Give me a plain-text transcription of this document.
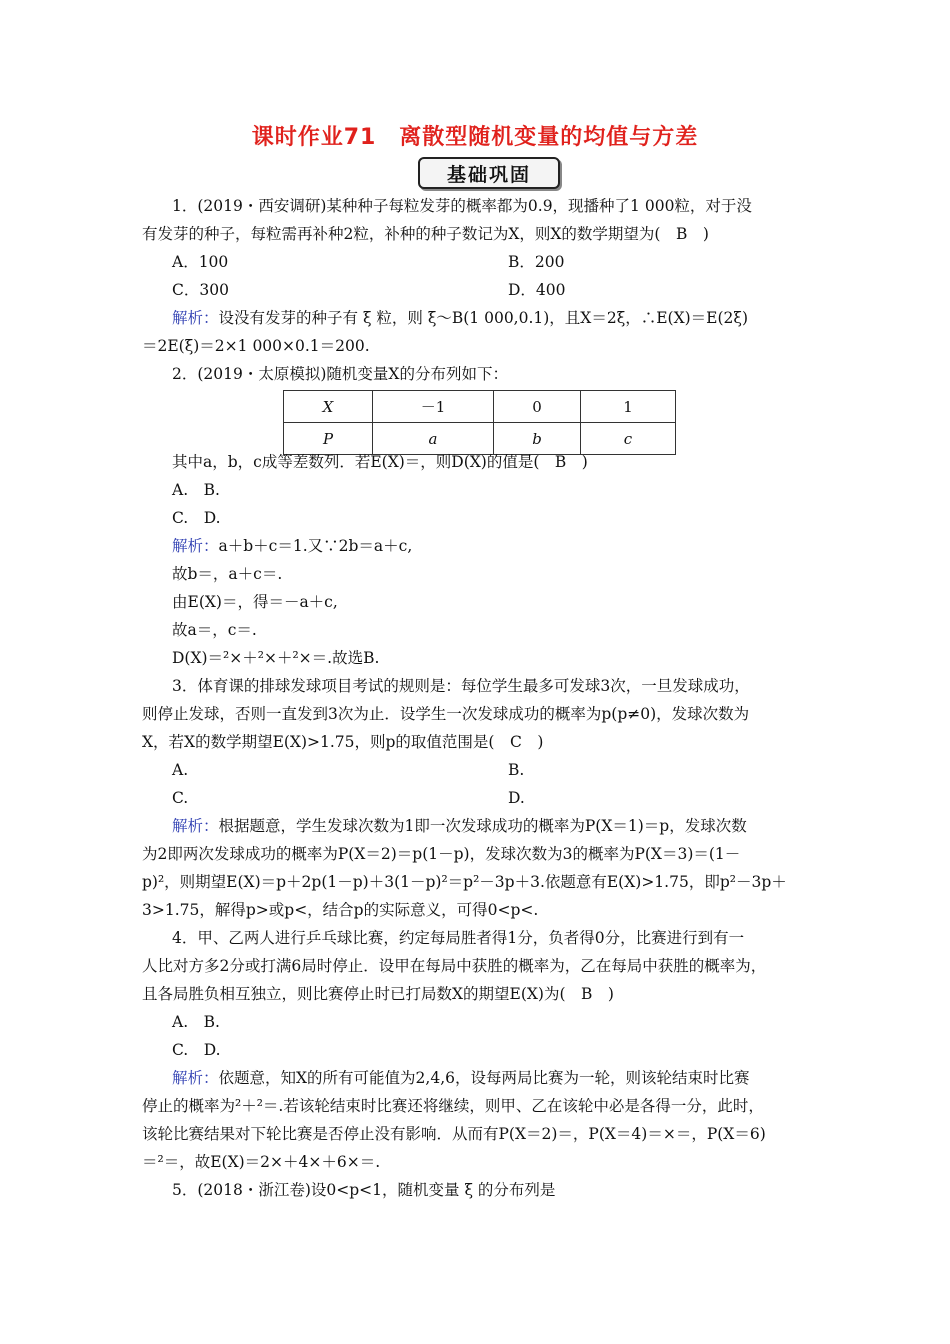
课时作业71　离散型随机变量的均值与方差
基础巩固
1．(2019・西安调研)某种种子每粒发芽的概率都为0.9，现播种了1 000粒，对于没
有发芽的种子，每粒需再补种2粒，补种的种子数记为X，则X的数学期望为(　B　)
A．100	B．200
C．300	D．400
解析：设没有发芽的种子有 ξ 粒，则 ξ～B(1 000,0.1)，且X＝2ξ，∴E(X)＝E(2ξ)
＝2E(ξ)＝2×1 000×0.1＝200.
2．(2019・太原模拟)随机变量X的分布列如下：
X	－1	0	1
P	a	b	c
其中a，b，c成等差数列．若E(X)＝，则D(X)的值是(　B　)
A.　B.
C.　D.
解析：a＋b＋c＝1.又∵2b＝a＋c,
故b＝，a＋c＝.
由E(X)＝，得＝－a＋c,
故a＝，c＝.
D(X)＝²×＋²×＋²×＝.故选B.
3．体育课的排球发球项目考试的规则是：每位学生最多可发球3次，一旦发球成功，
则停止发球，否则一直发到3次为止．设学生一次发球成功的概率为p(p≠0)，发球次数为
X，若X的数学期望E(X)>1.75，则p的取值范围是(　C　)
A.	B.
C.	D.
解析：根据题意，学生发球次数为1即一次发球成功的概率为P(X＝1)＝p，发球次数
为2即两次发球成功的概率为P(X＝2)＝p(1－p)，发球次数为3的概率为P(X＝3)＝(1－
p)²，则期望E(X)＝p＋2p(1－p)＋3(1－p)²＝p²－3p＋3.依题意有E(X)>1.75，即p²－3p＋
3>1.75，解得p>或p<，结合p的实际意义，可得0<p<.
4．甲、乙两人进行乒乓球比赛，约定每局胜者得1分，负者得0分，比赛进行到有一
人比对方多2分或打满6局时停止．设甲在每局中获胜的概率为，乙在每局中获胜的概率为，
且各局胜负相互独立，则比赛停止时已打局数X的期望E(X)为(　B　)
A.　B.
C.　D.
解析：依题意，知X的所有可能值为2,4,6，设每两局比赛为一轮，则该轮结束时比赛
停止的概率为²＋²＝.若该轮结束时比赛还将继续，则甲、乙在该轮中必是各得一分，此时，
该轮比赛结果对下轮比赛是否停止没有影响．从而有P(X＝2)＝，P(X＝4)＝×＝，P(X＝6)
＝²＝，故E(X)＝2×＋4×＋6×＝.
5．(2018・浙江卷)设0<p<1，随机变量 ξ 的分布列是
